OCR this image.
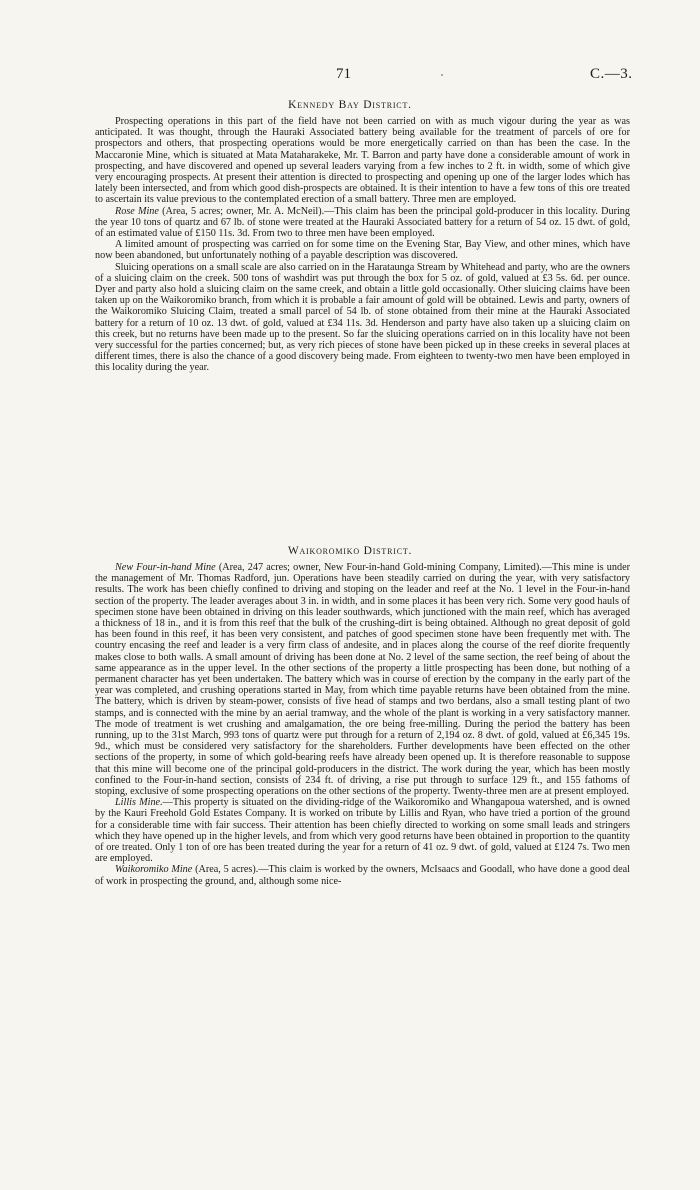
71	C.—3.
Kennedy Bay District.

Prospecting operations in this part of the field have not been carried on with as much vigour during the year as was anticipated. It was thought, through the Hauraki Associated battery being available for the treatment of parcels of ore for prospectors and others, that prospecting operations would be more energetically carried on than has been the case. In the Maccaronie Mine, which is situated at Mata Mataharakeke, Mr. T. Barron and party have done a considerable amount of work in prospecting, and have discovered and opened up several leaders varying from a few inches to 2 ft. in width, some of which give very encouraging prospects. At present their attention is directed to prospecting and opening up one of the larger lodes which has lately been intersected, and from which good dish-prospects are obtained. It is their intention to have a few tons of this ore treated to ascertain its value previous to the contemplated erection of a small battery. Three men are employed.

Rose Mine (Area, 5 acres; owner, Mr. A. McNeil).—This claim has been the principal gold-producer in this locality. During the year 10 tons of quartz and 67 lb. of stone were treated at the Hauraki Associated battery for a return of 54 oz. 15 dwt. of gold, of an estimated value of £150 11s. 3d. From two to three men have been employed.

A limited amount of prospecting was carried on for some time on the Evening Star, Bay View, and other mines, which have now been abandoned, but unfortunately nothing of a payable description was discovered.

Sluicing operations on a small scale are also carried on in the Harataunga Stream by Whitehead and party, who are the owners of a sluicing claim on the creek. 500 tons of washdirt was put through the box for 5 oz. of gold, valued at £3 5s. 6d. per ounce. Dyer and party also hold a sluicing claim on the same creek, and obtain a little gold occasionally. Other sluicing claims have been taken up on the Waikoromiko branch, from which it is probable a fair amount of gold will be obtained. Lewis and party, owners of the Waikoromiko Sluicing Claim, treated a small parcel of 54 lb. of stone obtained from their mine at the Hauraki Associated battery for a return of 10 oz. 13 dwt. of gold, valued at £34 11s. 3d. Henderson and party have also taken up a sluicing claim on this creek, but no returns have been made up to the present. So far the sluicing operations carried on in this locality have not been very successful for the parties concerned; but, as very rich pieces of stone have been picked up in these creeks in several places at different times, there is also the chance of a good discovery being made. From eighteen to twenty-two men have been employed in this locality during the year.

Waikoromiko District.

New Four-in-hand Mine (Area, 247 acres; owner, New Four-in-hand Gold-mining Company, Limited).—This mine is under the management of Mr. Thomas Radford, jun. Operations have been steadily carried on during the year, with very satisfactory results. The work has been chiefly confined to driving and stoping on the leader and reef at the No. 1 level in the Four-in-hand section of the property. The leader averages about 3 in. in width, and in some places it has been very rich. Some very good hauls of specimen stone have been obtained in driving on this leader southwards, which junctioned with the main reef, which has averaged a thickness of 18 in., and it is from this reef that the bulk of the crushing-dirt is being obtained. Although no great deposit of gold has been found in this reef, it has been very consistent, and patches of good specimen stone have been frequently met with. The country encasing the reef and leader is a very firm class of andesite, and in places along the course of the reef diorite frequently makes close to both walls. A small amount of driving has been done at No. 2 level of the same section, the reef being of about the same appearance as in the upper level. In the other sections of the property a little prospecting has been done, but nothing of a permanent character has yet been undertaken. The battery which was in course of erection by the company in the early part of the year was completed, and crushing operations started in May, from which time payable returns have been obtained from the mine. The battery, which is driven by steam-power, consists of five head of stamps and two berdans, also a small testing plant of two stamps, and is connected with the mine by an aerial tramway, and the whole of the plant is working in a very satisfactory manner. The mode of treatment is wet crushing and amalgamation, the ore being free-milling. During the period the battery has been running, up to the 31st March, 993 tons of quartz were put through for a return of 2,194 oz. 8 dwt. of gold, valued at £6,345 19s. 9d., which must be considered very satisfactory for the shareholders. Further developments have been effected on the other sections of the property, in some of which gold-bearing reefs have already been opened up. It is therefore reasonable to suppose that this mine will become one of the principal gold-producers in the district. The work during the year, which has been mostly confined to the Four-in-hand section, consists of 234 ft. of driving, a rise put through to surface 129 ft., and 155 fathoms of stoping, exclusive of some prospecting operations on the other sections of the property. Twenty-three men are at present employed.

Lillis Mine.—This property is situated on the dividing-ridge of the Waikoromiko and Whangapoua watershed, and is owned by the Kauri Freehold Gold Estates Company. It is worked on tribute by Lillis and Ryan, who have tried a portion of the ground for a considerable time with fair success. Their attention has been chiefly directed to working on some small leads and stringers which they have opened up in the higher levels, and from which very good returns have been obtained in proportion to the quantity of ore treated. Only 1 ton of ore has been treated during the year for a return of 41 oz. 9 dwt. of gold, valued at £124 7s. Two men are employed.

Waikoromiko Mine (Area, 5 acres).—This claim is worked by the owners, McIsaacs and Goodall, who have done a good deal of work in prospecting the ground, and, although some nice-
